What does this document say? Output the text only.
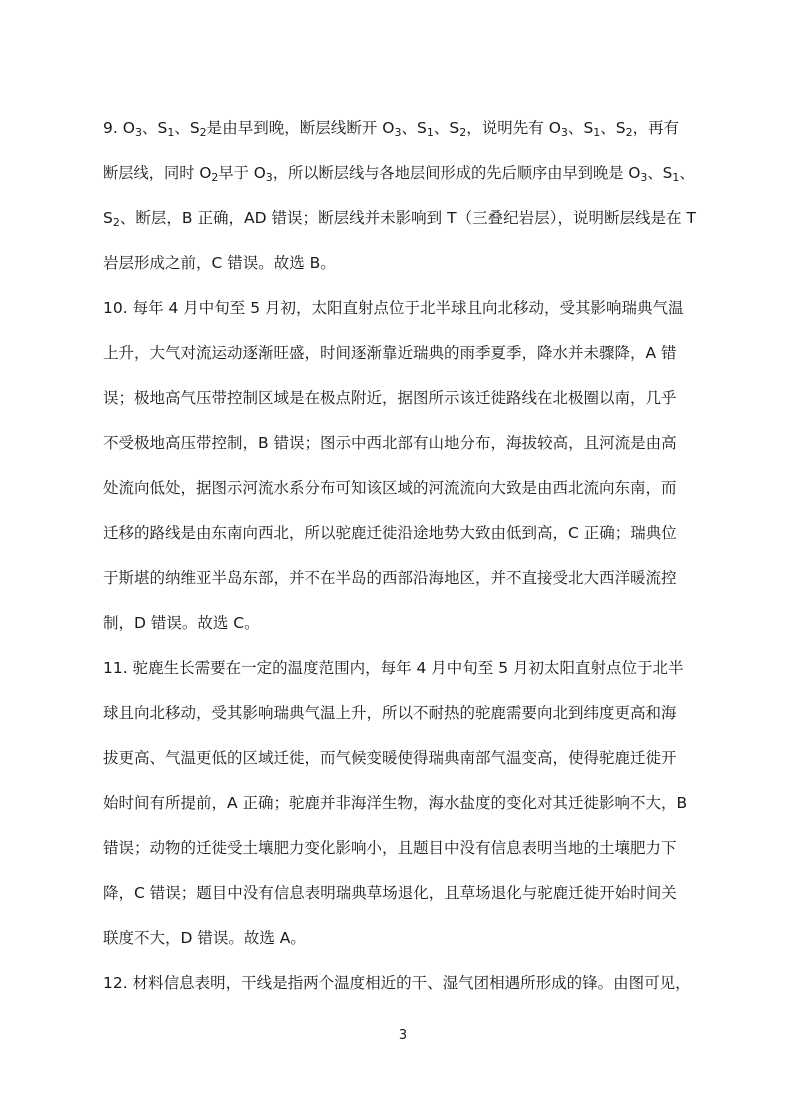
9. $O_3$、$S_1$、$S_2$是由早到晚，断层线断开 $O_3$、$S_1$、$S_2$，说明先有 $O_3$、$S_1$、$S_2$，再有
断层线，同时 $O_2$早于 $O_3$，所以断层线与各地层间形成的先后顺序由早到晚是 $O_3$、$S_1$、
$S_2$、断层，B 正确，AD 错误；断层线并未影响到 T（三叠纪岩层），说明断层线是在 T
岩层形成之前，C 错误。故选 B。
10. 每年 4 月中旬至 5 月初，太阳直射点位于北半球且向北移动，受其影响瑞典气温
上升，大气对流运动逐渐旺盛，时间逐渐靠近瑞典的雨季夏季，降水并未骤降，A 错
误；极地高气压带控制区域是在极点附近，据图所示该迁徙路线在北极圈以南，几乎
不受极地高压带控制，B 错误；图示中西北部有山地分布，海拔较高，且河流是由高
处流向低处，据图示河流水系分布可知该区域的河流流向大致是由西北流向东南，而
迁移的路线是由东南向西北，所以驼鹿迁徙沿途地势大致由低到高，C 正确；瑞典位
于斯堪的纳维亚半岛东部，并不在半岛的西部沿海地区，并不直接受北大西洋暖流控
制，D 错误。故选 C。
11. 驼鹿生长需要在一定的温度范围内，每年 4 月中旬至 5 月初太阳直射点位于北半
球且向北移动，受其影响瑞典气温上升，所以不耐热的驼鹿需要向北到纬度更高和海
拔更高、气温更低的区域迁徙，而气候变暖使得瑞典南部气温变高，使得驼鹿迁徙开
始时间有所提前，A 正确；驼鹿并非海洋生物，海水盐度的变化对其迁徙影响不大，B
错误；动物的迁徙受土壤肥力变化影响小，且题目中没有信息表明当地的土壤肥力下
降，C 错误；题目中没有信息表明瑞典草场退化，且草场退化与驼鹿迁徙开始时间关
联度不大，D 错误。故选 A。
12. 材料信息表明，干线是指两个温度相近的干、湿气团相遇所形成的锋。由图可见，
3
